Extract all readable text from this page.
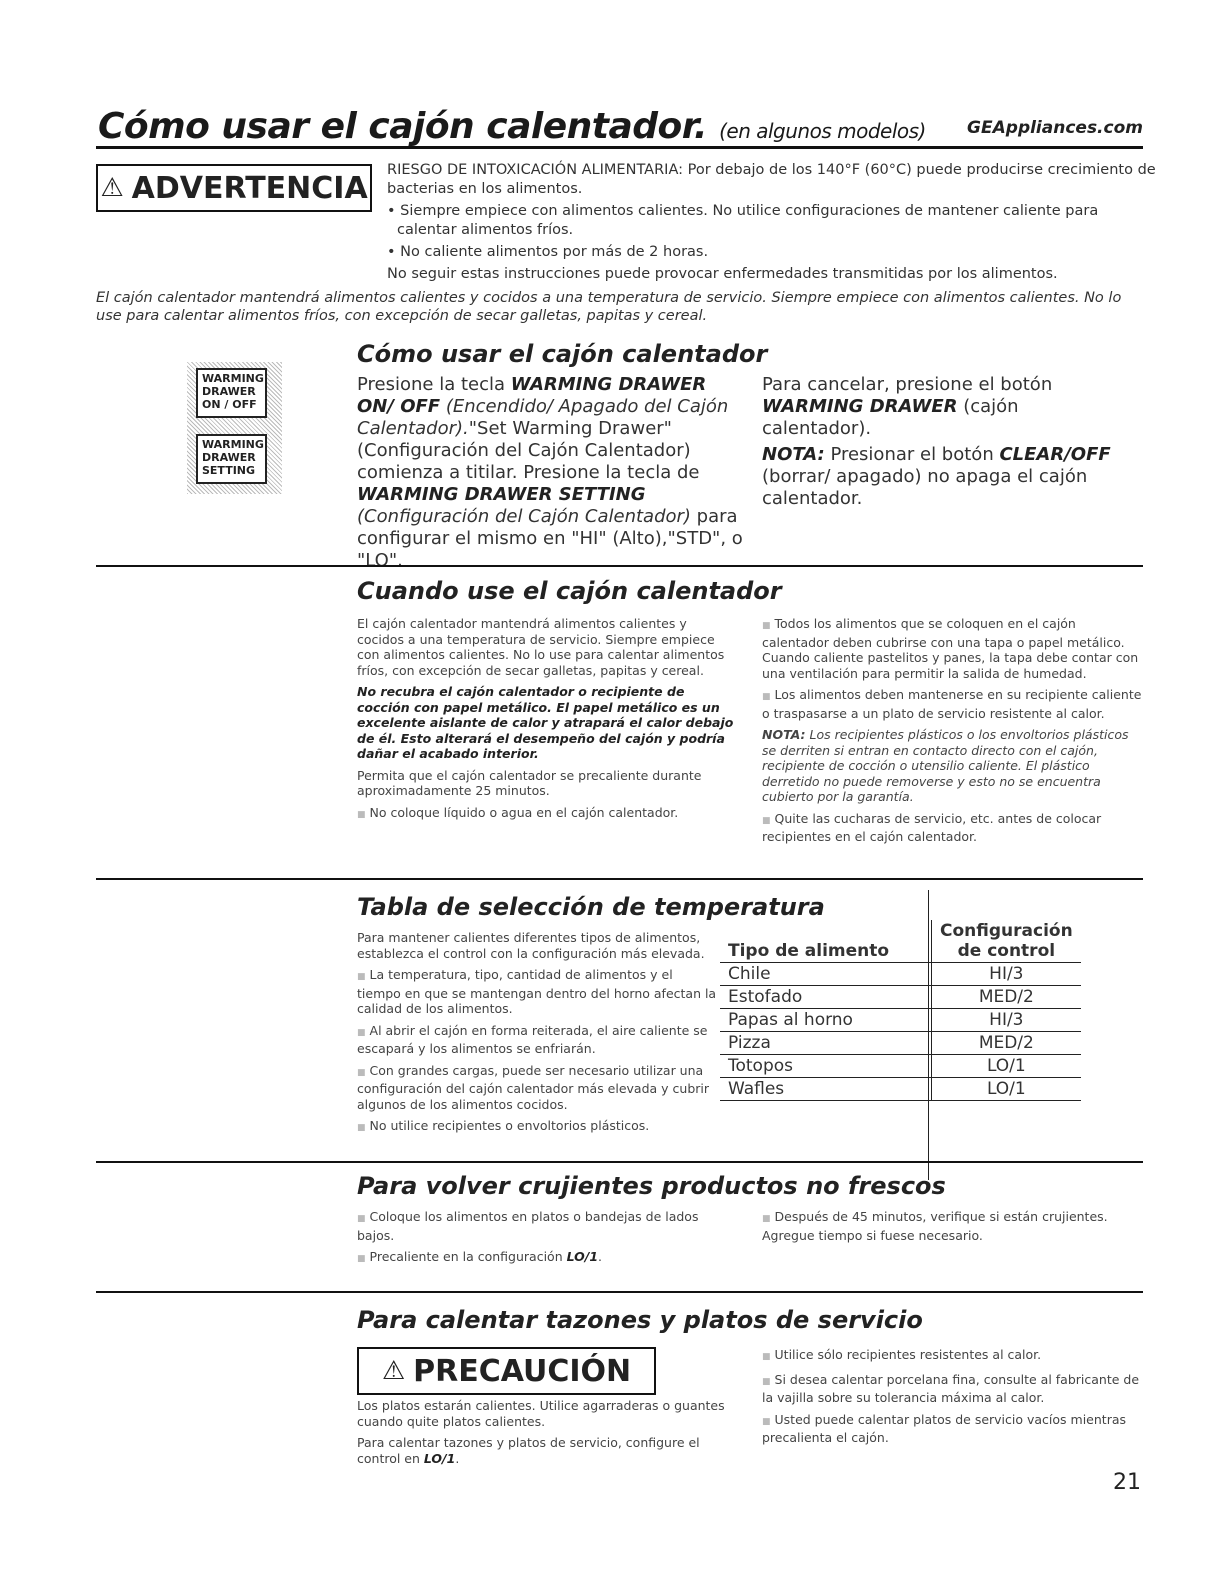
Cómo usar el cajón calentador. (en algunos modelos) GEAppliances.com
⚠ ADVERTENCIA

RIESGO DE INTOXICACIÓN ALIMENTARIA: Por debajo de los 140°F (60°C) puede producirse crecimiento de bacterias en los alimentos.

• Siempre empiece con alimentos calientes. No utilice configuraciones de mantener caliente para calentar alimentos fríos.

• No caliente alimentos por más de 2 horas.

No seguir estas instrucciones puede provocar enfermedades transmitidas por los alimentos.

El cajón calentador mantendrá alimentos calientes y cocidos a una temperatura de servicio. Siempre empiece con alimentos calientes. No lo use para calentar alimentos fríos, con excepción de secar galletas, papitas y cereal.
Cómo usar el cajón calentador
WARMING
DRAWER
ON / OFF
WARMING
DRAWER
SETTING
Presione la tecla WARMING DRAWER ON/ OFF (Encendido/ Apagado del Cajón Calentador)."Set Warming Drawer" (Configuración del Cajón Calentador) comienza a titilar. Presione la tecla de WARMING DRAWER SETTING (Configuración del Cajón Calentador) para configurar el mismo en "HI" (Alto),"STD", o "LO".
Para cancelar, presione el botón WARMING DRAWER (cajón calentador).
NOTA: Presionar el botón CLEAR/OFF (borrar/ apagado) no apaga el cajón calentador.
Cuando use el cajón calentador

El cajón calentador mantendrá alimentos calientes y cocidos a una temperatura de servicio. Siempre empiece con alimentos calientes. No lo use para calentar alimentos fríos, con excepción de secar galletas, papitas y cereal.

No recubra el cajón calentador o recipiente de cocción con papel metálico. El papel metálico es un excelente aislante de calor y atrapará el calor debajo de él. Esto alterará el desempeño del cajón y podría dañar el acabado interior.

Permita que el cajón calentador se precaliente durante aproximadamente 25 minutos.

■ No coloque líquido o agua en el cajón calentador.

■ Todos los alimentos que se coloquen en el cajón calentador deben cubrirse con una tapa o papel metálico. Cuando caliente pastelitos y panes, la tapa debe contar con una ventilación para permitir la salida de humedad.

■ Los alimentos deben mantenerse en su recipiente caliente o traspasarse a un plato de servicio resistente al calor.

NOTA: Los recipientes plásticos o los envoltorios plásticos se derriten si entran en contacto directo con el cajón, recipiente de cocción o utensilio caliente. El plástico derretido no puede removerse y esto no se encuentra cubierto por la garantía.

■ Quite las cucharas de servicio, etc. antes de colocar recipientes en el cajón calentador.

Tabla de selección de temperatura

Para mantener calientes diferentes tipos de alimentos, establezca el control con la configuración más elevada.

■ La temperatura, tipo, cantidad de alimentos y el tiempo en que se mantengan dentro del horno afectan la calidad de los alimentos.

■ Al abrir el cajón en forma reiterada, el aire caliente se escapará y los alimentos se enfriarán.

■ Con grandes cargas, puede ser necesario utilizar una configuración del cajón calentador más elevada y cubrir algunos de los alimentos cocidos.

■ No utilice recipientes o envoltorios plásticos.

Tipo de alimento	Configuración de control
Chile	HI/3
Estofado	MED/2
Papas al horno	HI/3
Pizza	MED/2
Totopos	LO/1
Wafles	LO/1
Para volver crujientes productos no frescos

■ Coloque los alimentos en platos o bandejas de lados bajos.

■ Precaliente en la configuración LO/1.

■ Después de 45 minutos, verifique si están crujientes. Agregue tiempo si fuese necesario.

Para calentar tazones y platos de servicio
⚠ PRECAUCIÓN

Los platos estarán calientes. Utilice agarraderas o guantes cuando quite platos calientes.

Para calentar tazones y platos de servicio, configure el control en LO/1.

■ Utilice sólo recipientes resistentes al calor.

■ Si desea calentar porcelana fina, consulte al fabricante de la vajilla sobre su tolerancia máxima al calor.

■ Usted puede calentar platos de servicio vacíos mientras precalienta el cajón.

21
